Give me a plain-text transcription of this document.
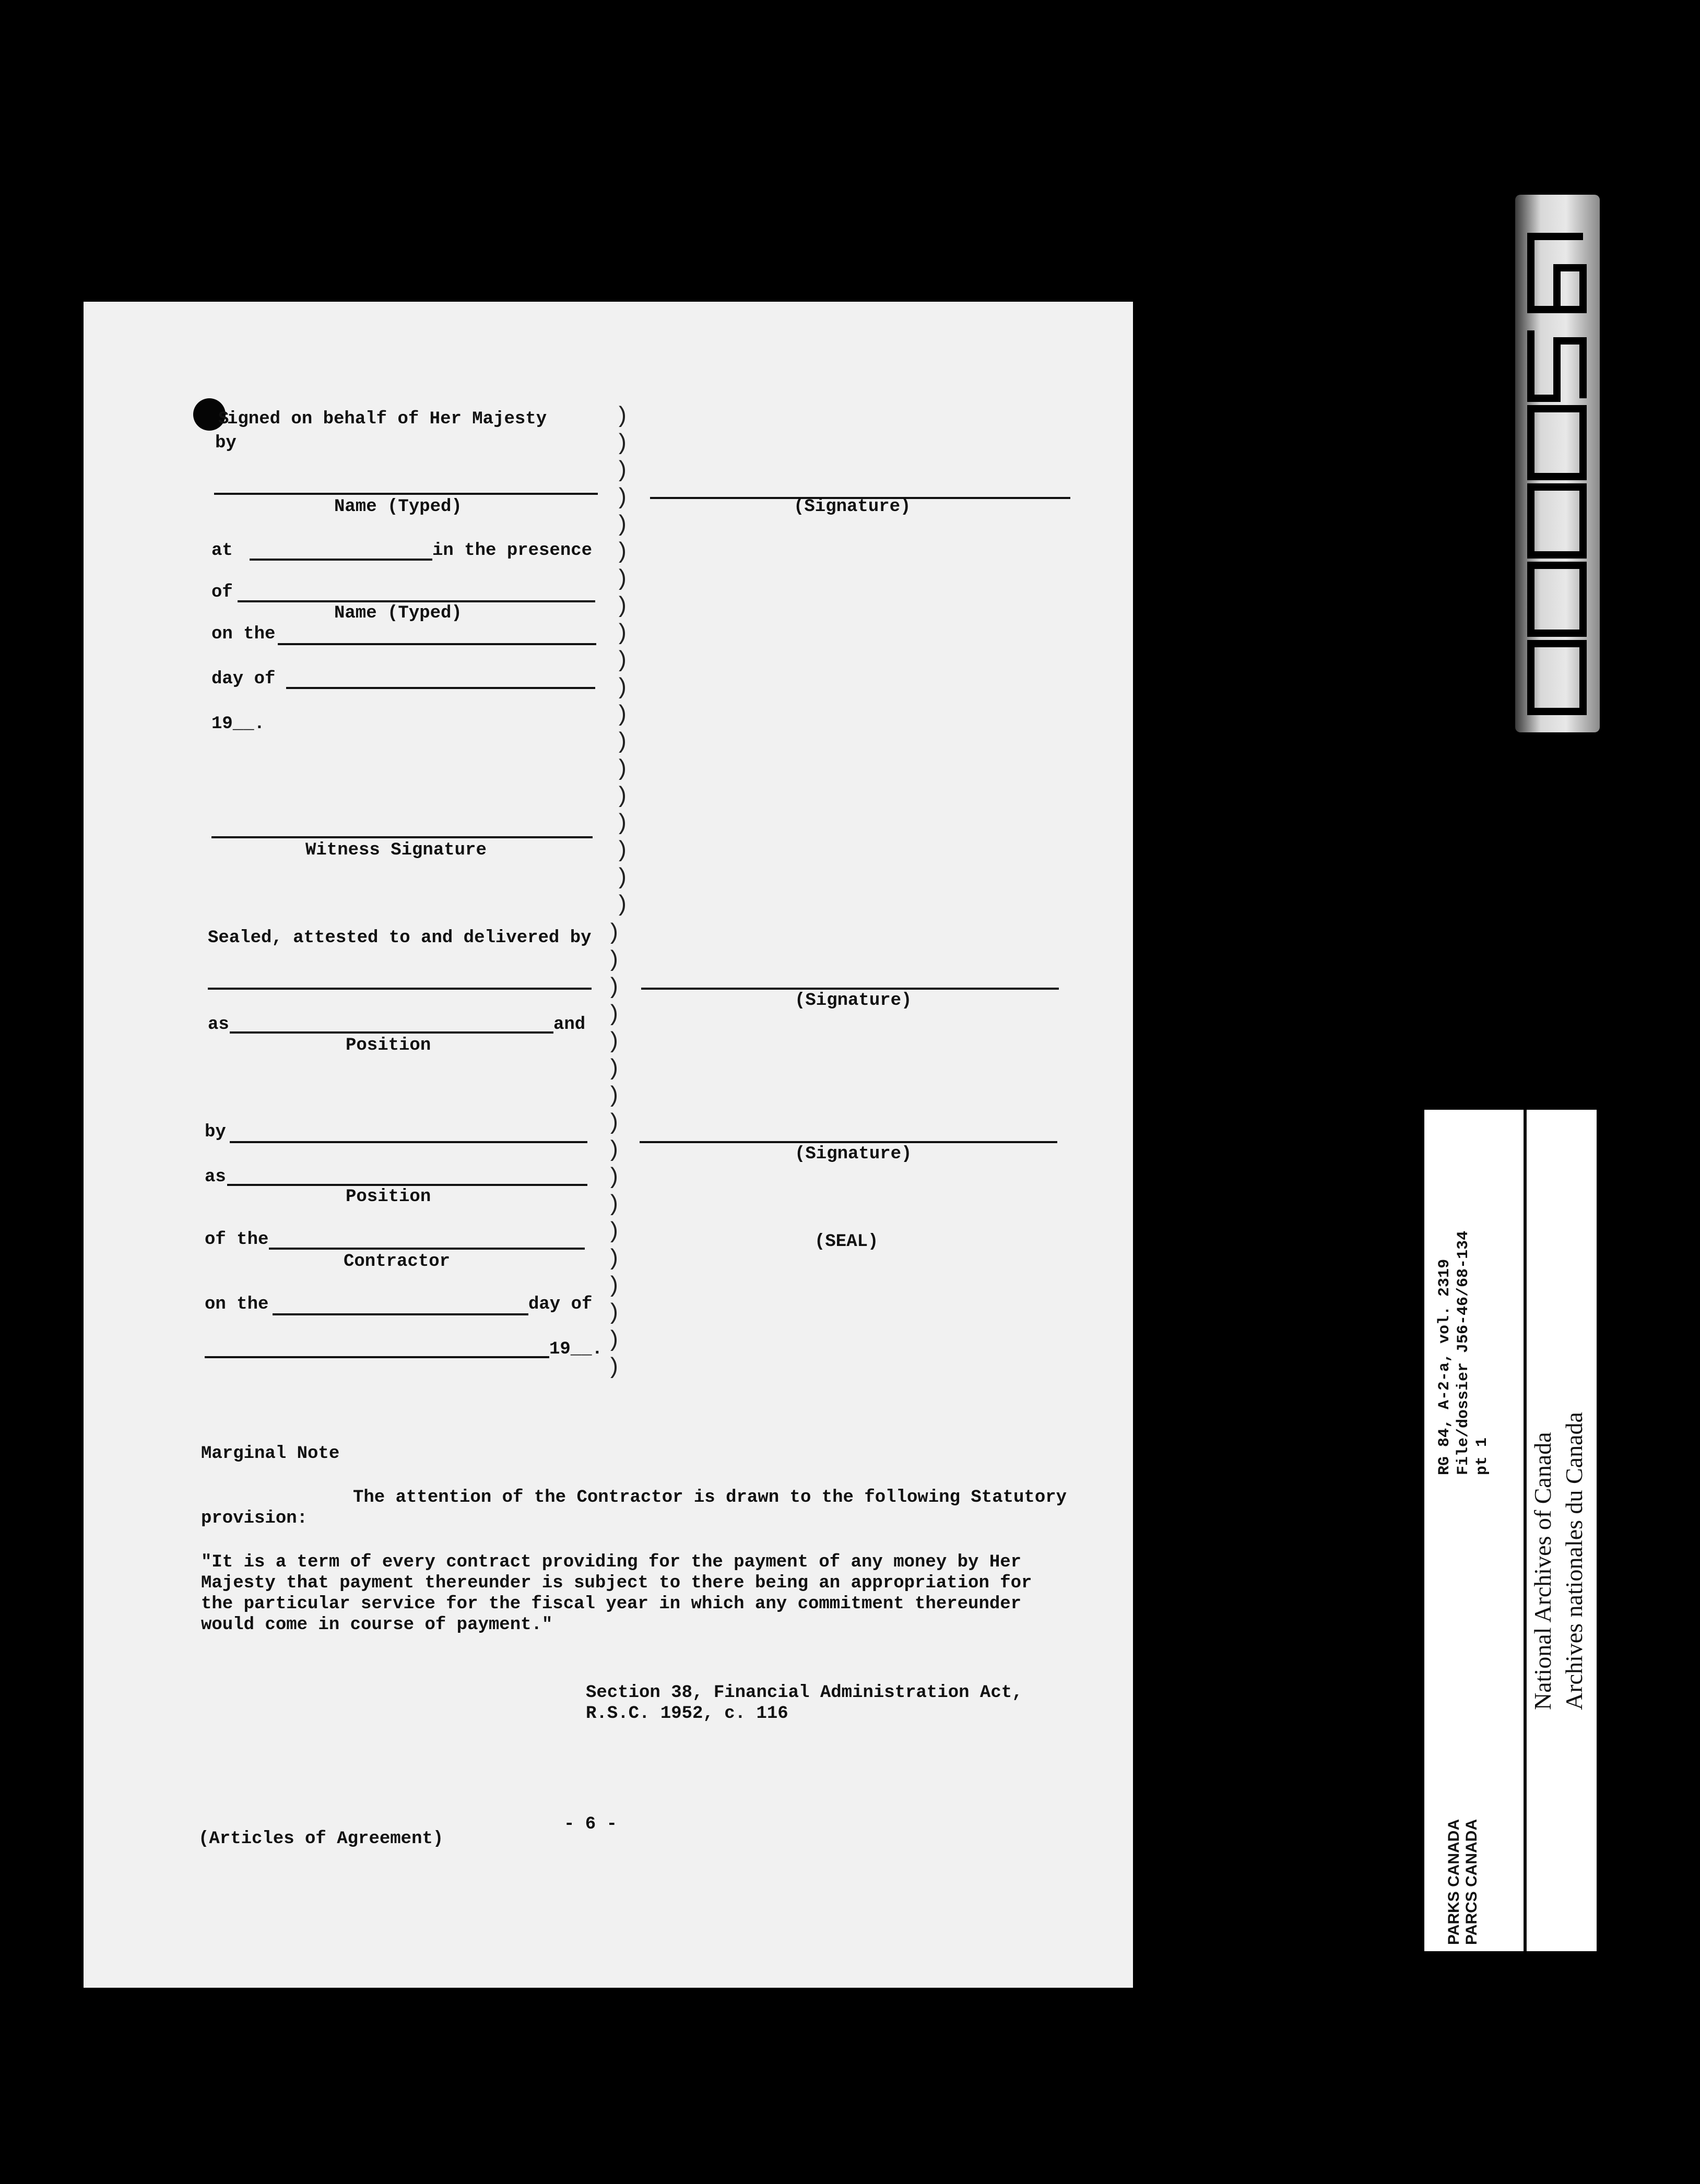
S
igned on behalf of Her Majesty
by
Name (Typed)	(Signature)
at	in the presence
of
Name (Typed)
on the
day of
19__.
Witness Signature
)
)
)
)
)
)
)
)
)
)
)
)
)
)
)
)
)
)
)
Sealed, attested to and delivered by
(Signature)
as	and
Position
by
(Signature)
as
Position
of the
Contractor
(SEAL)
on the	day of
19__.
)
)
)
)
)
)
)
)
)
)
)
)
)
)
)
)
)
Marginal Note
The attention of the Contractor is drawn to the following Statutory
provision:
"It is a term of every contract providing for the payment of any money by Her
Majesty that payment thereunder is subject to there being an appropriation for
the particular service for the fiscal year in which any commitment thereunder
would come in course of payment."
Section 38, Financial Administration Act,
R.S.C. 1952, c. 116
- 6 -
(Articles of Agreement)
RG 84, A-2-a, vol. 2319 File/dossier J56-46/68-134 pt 1
PARKS CANADA PARCS CANADA
National Archives of Canada Archives nationales du Canada
